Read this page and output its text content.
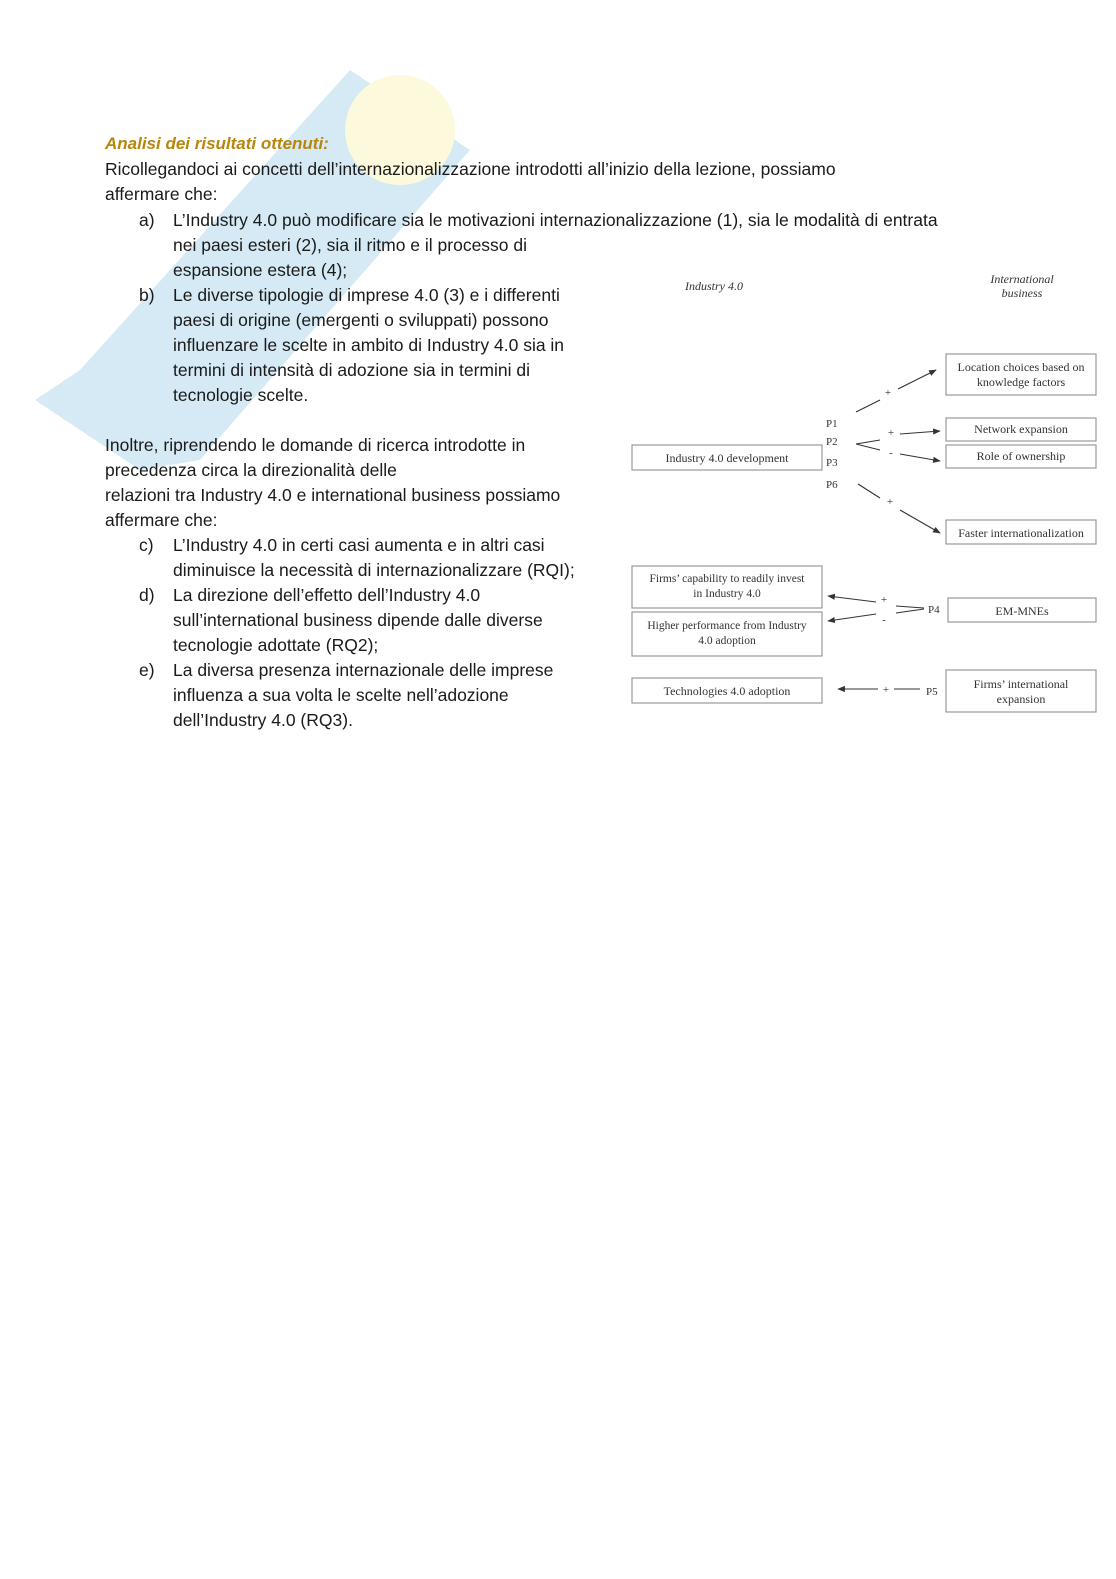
Analisi dei risultati ottenuti:
Ricollegandoci ai concetti dell’internazionalizzazione introdotti all’inizio della lezione, possiamo
affermare che:
a) L’Industry 4.0 può modificare sia le motivazioni internazionalizzazione (1), sia le modalità di entrata
nei paesi esteri (2), sia il ritmo e il processo di
espansione estera (4);
b) Le diverse tipologie di imprese 4.0 (3) e i differenti
paesi di origine (emergenti o sviluppati) possono
influenzare le scelte in ambito di Industry 4.0 sia in
termini di intensità di adozione sia in termini di
tecnologie scelte.
Inoltre, riprendendo le domande di ricerca introdotte in
precedenza circa la direzionalità delle
relazioni tra Industry 4.0 e international business possiamo
affermare che:
c) L’Industry 4.0 in certi casi aumenta e in altri casi
diminuisce la necessità di internazionalizzare (RQI);
d) La direzione dell’effetto dell’Industry 4.0
sull’international business dipende dalle diverse
tecnologie adottate (RQ2);
e) La diversa presenza internazionale delle imprese
influenza a sua volta le scelte nell’adozione
dell’Industry 4.0 (RQ3).
Industry 4.0	International
business
Industry 4.0 development
Location choices based on
knowledge factors
Network expansion
Role of ownership
Faster internationalization
Firms’ capability to readily invest
in Industry 4.0
Higher performance from Industry
4.0 adoption
EM-MNEs
Technologies 4.0 adoption	Firms’ international
expansion
P1
P2
P3
P6
P4
P5
+
+
-
+
+
-
+
